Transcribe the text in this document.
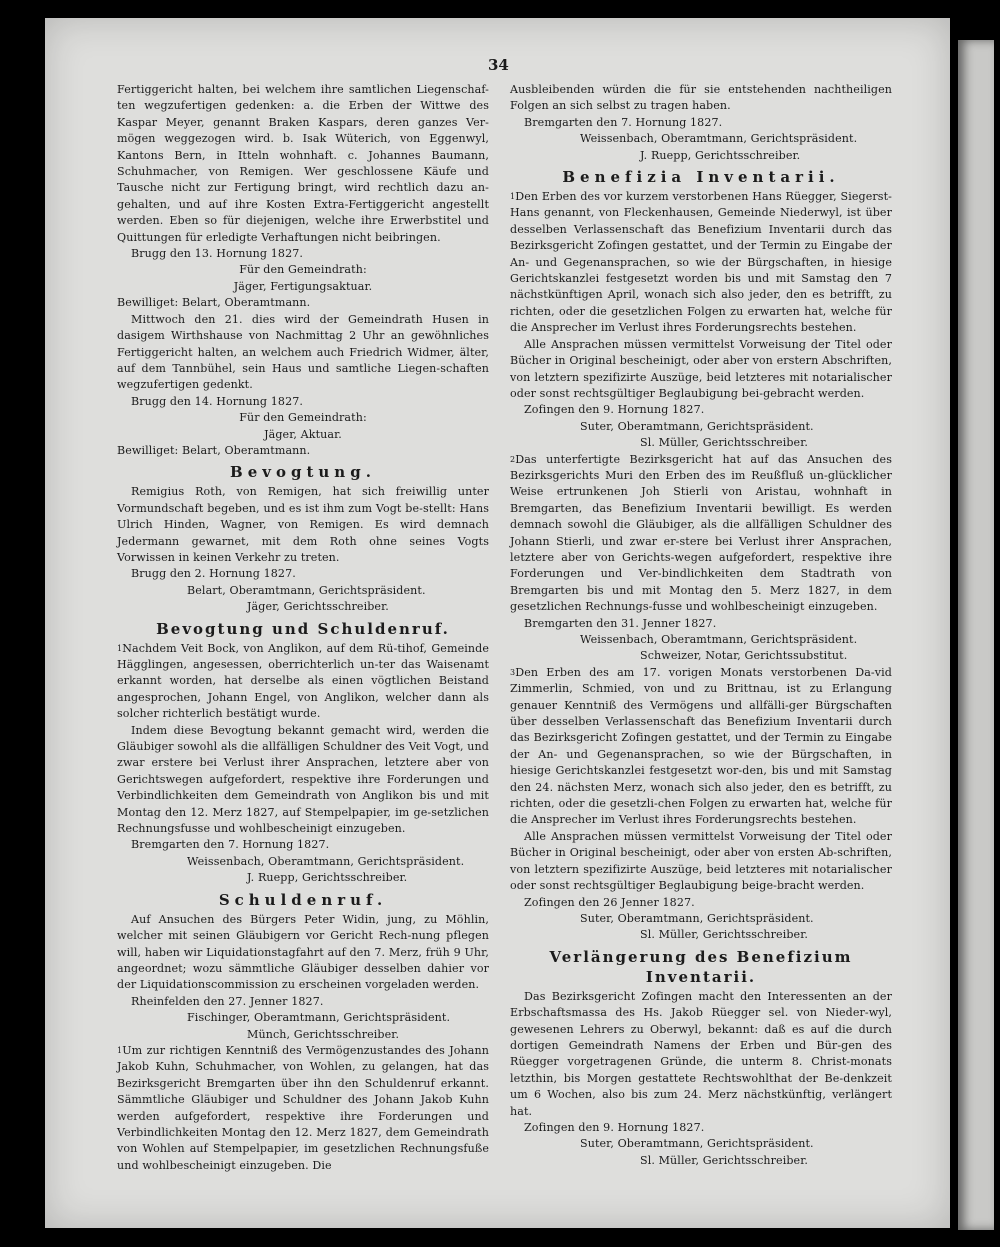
34

Fertiggericht halten, bei welchem ihre samtlichen Liegenschaf-ten wegzufertigen gedenken: a. die Erben der Wittwe des Kaspar Meyer, genannt Braken Kaspars, deren ganzes Ver-mögen weggezogen wird. b. Isak Wüterich, von Eggenwyl, Kantons Bern, in Itteln wohnhaft. c. Johannes Baumann, Schuhmacher, von Remigen. Wer geschlossene Käufe und Tausche nicht zur Fertigung bringt, wird rechtlich dazu an-gehalten, und auf ihre Kosten Extra-Fertiggericht angestellt werden. Eben so für diejenigen, welche ihre Erwerbstitel und Quittungen für erledigte Verhaftungen nicht beibringen.

Brugg den 13. Hornung 1827.

Für den Gemeindrath:

Jäger, Fertigungsaktuar.

Bewilliget: Belart, Oberamtmann.

Mittwoch den 21. dies wird der Gemeindrath Husen in dasigem Wirthshause von Nachmittag 2 Uhr an gewöhnliches Fertiggericht halten, an welchem auch Friedrich Widmer, älter, auf dem Tannbühel, sein Haus und samtliche Liegen-schaften wegzufertigen gedenkt.

Brugg den 14. Hornung 1827.

Für den Gemeindrath:

Jäger, Aktuar.

Bewilliget: Belart, Oberamtmann.

Bevogtung.

Remigius Roth, von Remigen, hat sich freiwillig unter Vormundschaft begeben, und es ist ihm zum Vogt be-stellt: Hans Ulrich Hinden, Wagner, von Remigen. Es wird demnach Jedermann gewarnet, mit dem Roth ohne seines Vogts Vorwissen in keinen Verkehr zu treten.

Brugg den 2. Hornung 1827.

Belart, Oberamtmann, Gerichtspräsident.

Jäger, Gerichtsschreiber.

Bevogtung und Schuldenruf.

$^1$Nachdem Veit Bock, von Anglikon, auf dem Rü-tihof, Gemeinde Hägglingen, angesessen, oberrichterlich un-ter das Waisenamt erkannt worden, hat derselbe als einen vögtlichen Beistand angesprochen, Johann Engel, von Anglikon, welcher dann als solcher richterlich bestätigt wurde.

Indem diese Bevogtung bekannt gemacht wird, werden die Gläubiger sowohl als die allfälligen Schuldner des Veit Vogt, und zwar erstere bei Verlust ihrer Ansprachen, letztere aber von Gerichtswegen aufgefordert, respektive ihre Forderungen und Verbindlichkeiten dem Gemeindrath von Anglikon bis und mit Montag den 12. Merz 1827, auf Stempelpapier, im ge-setzlichen Rechnungsfusse und wohlbescheinigt einzugeben.

Bremgarten den 7. Hornung 1827.

Weissenbach, Oberamtmann, Gerichtspräsident.

J. Ruepp, Gerichtsschreiber.

Schuldenruf.

Auf Ansuchen des Bürgers Peter Widin, jung, zu Möhlin, welcher mit seinen Gläubigern vor Gericht Rech-nung pflegen will, haben wir Liquidationstagfahrt auf den 7. Merz, früh 9 Uhr, angeordnet; wozu sämmtliche Gläubiger desselben dahier vor der Liquidationscommission zu erscheinen vorgeladen werden.

Rheinfelden den 27. Jenner 1827.

Fischinger, Oberamtmann, Gerichtspräsident.

Münch, Gerichtsschreiber.

$^1$Um zur richtigen Kenntniß des Vermögenzustandes des Johann Jakob Kuhn, Schuhmacher, von Wohlen, zu gelangen, hat das Bezirksgericht Bremgarten über ihn den Schuldenruf erkannt. Sämmtliche Gläubiger und Schuldner des Johann Jakob Kuhn werden aufgefordert, respektive ihre Forderungen und Verbindlichkeiten Montag den 12. Merz 1827, dem Gemeindrath von Wohlen auf Stempelpapier, im gesetzlichen Rechnungsfuße und wohlbescheinigt einzugeben. Die

Ausbleibenden würden die für sie entstehenden nachtheiligen Folgen an sich selbst zu tragen haben.

Bremgarten den 7. Hornung 1827.

Weissenbach, Oberamtmann, Gerichtspräsident.

J. Ruepp, Gerichtsschreiber.

Benefizia Inventarii.

$^1$Den Erben des vor kurzem verstorbenen Hans Rüegger, Siegerst-Hans genannt, von Fleckenhausen, Gemeinde Niederwyl, ist über desselben Verlassenschaft das Benefizium Inventarii durch das Bezirksgericht Zofingen gestattet, und der Termin zu Eingabe der An- und Gegenansprachen, so wie der Bürgschaften, in hiesige Gerichtskanzlei festgesetzt worden bis und mit Samstag den 7 nächstkünftigen April, wonach sich also jeder, den es betrifft, zu richten, oder die gesetzlichen Folgen zu erwarten hat, welche für die Ansprecher im Verlust ihres Forderungsrechts bestehen.

Alle Ansprachen müssen vermittelst Vorweisung der Titel oder Bücher in Original bescheinigt, oder aber von erstern Abschriften, von letztern spezifizirte Auszüge, beid letzteres mit notarialischer oder sonst rechtsgültiger Beglaubigung bei-gebracht werden.

Zofingen den 9. Hornung 1827.

Suter, Oberamtmann, Gerichtspräsident.

Sl. Müller, Gerichtsschreiber.

$^2$Das unterfertigte Bezirksgericht hat auf das Ansuchen des Bezirksgerichts Muri den Erben des im Reußfluß un-glücklicher Weise ertrunkenen Joh Stierli von Aristau, wohnhaft in Bremgarten, das Benefizium Inventarii bewilligt. Es werden demnach sowohl die Gläubiger, als die allfälligen Schuldner des Johann Stierli, und zwar er-stere bei Verlust ihrer Ansprachen, letztere aber von Gerichts-wegen aufgefordert, respektive ihre Forderungen und Ver-bindlichkeiten dem Stadtrath von Bremgarten bis und mit Montag den 5. Merz 1827, in dem gesetzlichen Rechnungs-fusse und wohlbescheinigt einzugeben.

Bremgarten den 31. Jenner 1827.

Weissenbach, Oberamtmann, Gerichtspräsident.

Schweizer, Notar, Gerichtssubstitut.

$^3$Den Erben des am 17. vorigen Monats verstorbenen Da-vid Zimmerlin, Schmied, von und zu Brittnau, ist zu Erlangung genauer Kenntniß des Vermögens und allfälli-ger Bürgschaften über desselben Verlassenschaft das Benefizium Inventarii durch das Bezirksgericht Zofingen gestattet, und der Termin zu Eingabe der An- und Gegenansprachen, so wie der Bürgschaften, in hiesige Gerichtskanzlei festgesetzt wor-den, bis und mit Samstag den 24. nächsten Merz, wonach sich also jeder, den es betrifft, zu richten, oder die gesetzli-chen Folgen zu erwarten hat, welche für die Ansprecher im Verlust ihres Forderungsrechts bestehen.

Alle Ansprachen müssen vermittelst Vorweisung der Titel oder Bücher in Original bescheinigt, oder aber von ersten Ab-schriften, von letztern spezifizirte Auszüge, beid letzteres mit notarialischer oder sonst rechtsgültiger Beglaubigung beige-bracht werden.

Zofingen den 26 Jenner 1827.

Suter, Oberamtmann, Gerichtspräsident.

Sl. Müller, Gerichtsschreiber.

Verlängerung des Benefizium Inventarii.

Das Bezirksgericht Zofingen macht den Interessenten an der Erbschaftsmassa des Hs. Jakob Rüegger sel. von Nieder-wyl, gewesenen Lehrers zu Oberwyl, bekannt: daß es auf die durch dortigen Gemeindrath Namens der Erben und Bür-gen des Rüegger vorgetragenen Gründe, die unterm 8. Christ-monats letzthin, bis Morgen gestattete Rechtswohlthat der Be-denkzeit um 6 Wochen, also bis zum 24. Merz nächstkünftig, verlängert hat.

Zofingen den 9. Hornung 1827.

Suter, Oberamtmann, Gerichtspräsident.

Sl. Müller, Gerichtsschreiber.
